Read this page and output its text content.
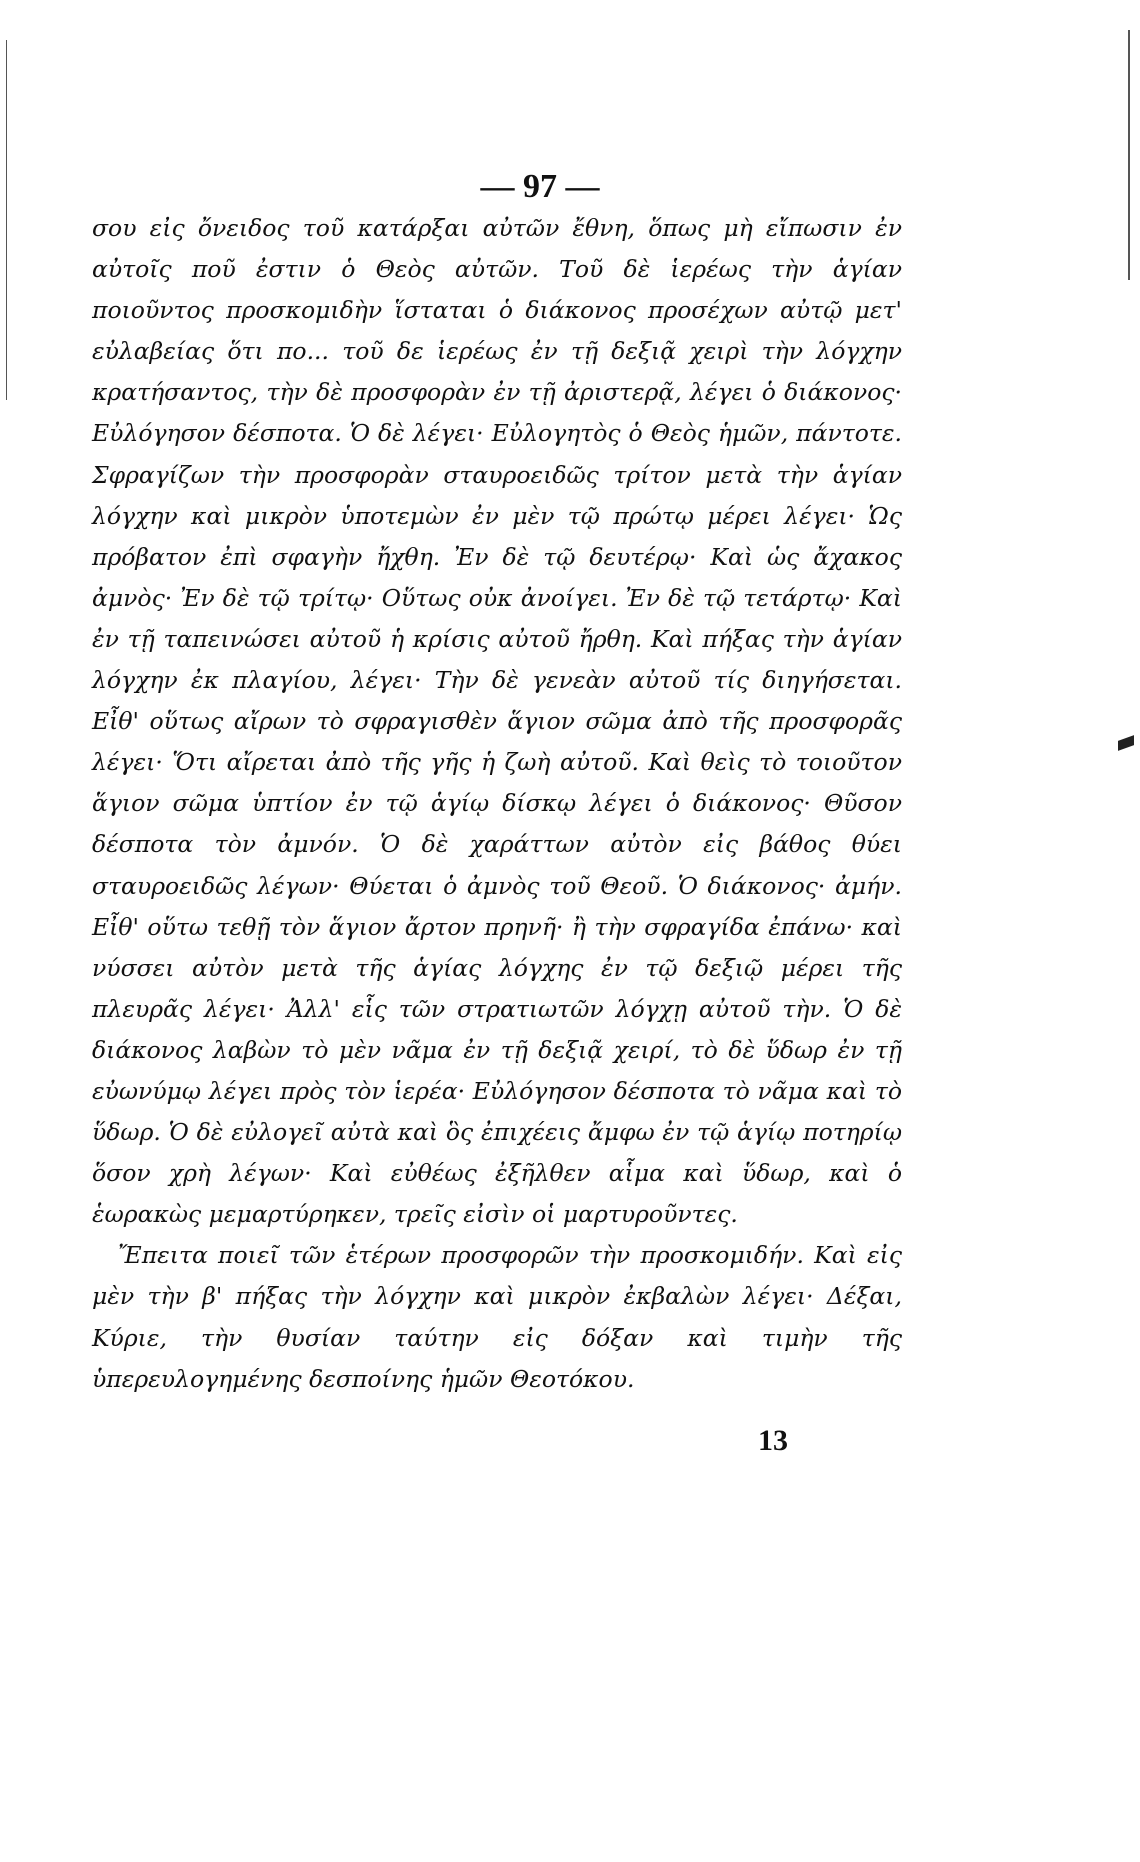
— 97 —

σου εἰς ὄνειδος τοῦ κατάρξαι αὐτῶν ἔθνη, ὅπως μὴ εἴπωσιν ἐν αὐτοῖς ποῦ ἐστιν ὁ Θεὸς αὐτῶν. Τοῦ δὲ ἱερέως τὴν ἁγίαν ποιοῦντος προσκομιδὴν ἵσταται ὁ διάκονος προσέχων αὐτῷ μετ' εὐλαβείας ὅτι πο... τοῦ δε ἱερέως ἐν τῇ δεξιᾷ χειρὶ τὴν λόγχην κρατήσαντος, τὴν δὲ προσφορὰν ἐν τῇ ἀριστερᾷ, λέγει ὁ διάκονος· Εὐλόγησον δέσποτα. Ὁ δὲ λέγει· Εὐλογητὸς ὁ Θεὸς ἡμῶν, πάντοτε. Σφραγίζων τὴν προσφορὰν σταυροειδῶς τρίτον μετὰ τὴν ἁγίαν λόγχην καὶ μικρὸν ὑποτεμὼν ἐν μὲν τῷ πρώτῳ μέρει λέγει· Ὡς πρόβατον ἐπὶ σφαγὴν ἤχθη. Ἐν δὲ τῷ δευτέρῳ· Καὶ ὡς ἄχακος ἀμνὸς· Ἐν δὲ τῷ τρίτῳ· Οὕτως οὐκ ἀνοίγει. Ἐν δὲ τῷ τετάρτῳ· Καὶ ἐν τῇ ταπεινώσει αὐτοῦ ἡ κρίσις αὐτοῦ ἤρθη. Καὶ πήξας τὴν ἁγίαν λόγχην ἐκ πλαγίου, λέγει· Τὴν δὲ γενεὰν αὐτοῦ τίς διηγήσεται. Εἶθ' οὕτως αἴρων τὸ σφραγισθὲν ἅγιον σῶμα ἀπὸ τῆς προσφορᾶς λέγει· Ὅτι αἴρεται ἀπὸ τῆς γῆς ἡ ζωὴ αὐτοῦ. Καὶ θεὶς τὸ τοιοῦτον ἅγιον σῶμα ὑπτίον ἐν τῷ ἁγίῳ δίσκῳ λέγει ὁ διάκονος· Θῦσον δέσποτα τὸν ἀμνόν. Ὁ δὲ χαράττων αὐτὸν εἰς βάθος θύει σταυροειδῶς λέγων· Θύεται ὁ ἀμνὸς τοῦ Θεοῦ. Ὁ διάκονος· ἀμήν. Εἶθ' οὕτω τεθῇ τὸν ἅγιον ἄρτον πρηνῆ· ἢ τὴν σφραγίδα ἐπάνω· καὶ νύσσει αὐτὸν μετὰ τῆς ἁγίας λόγχης ἐν τῷ δεξιῷ μέρει τῆς πλευρᾶς λέγει· Ἀλλ' εἷς τῶν στρατιωτῶν λόγχῃ αὐτοῦ τὴν. Ὁ δὲ διάκονος λαβὼν τὸ μὲν νᾶμα ἐν τῇ δεξιᾷ χειρί, τὸ δὲ ὕδωρ ἐν τῇ εὐωνύμῳ λέγει πρὸς τὸν ἱερέα· Εὐλόγησον δέσποτα τὸ νᾶμα καὶ τὸ ὕδωρ. Ὁ δὲ εὐλογεῖ αὐτὰ καὶ ὃς ἐπιχέεις ἄμφω ἐν τῷ ἁγίῳ ποτηρίῳ ὅσον χρὴ λέγων· Καὶ εὐθέως ἐξῆλθεν αἷμα καὶ ὕδωρ, καὶ ὁ ἑωρακὼς μεμαρτύρηκεν, τρεῖς εἰσὶν οἱ μαρτυροῦντες.

Ἔπειτα ποιεῖ τῶν ἑτέρων προσφορῶν τὴν προσκομιδήν. Καὶ εἰς μὲν τὴν β' πήξας τὴν λόγχην καὶ μικρὸν ἐκβαλὼν λέγει· Δέξαι, Κύριε, τὴν θυσίαν ταύτην εἰς δόξαν καὶ τιμὴν τῆς ὑπερευλογημένης δεσποίνης ἡμῶν Θεοτόκου.

13
